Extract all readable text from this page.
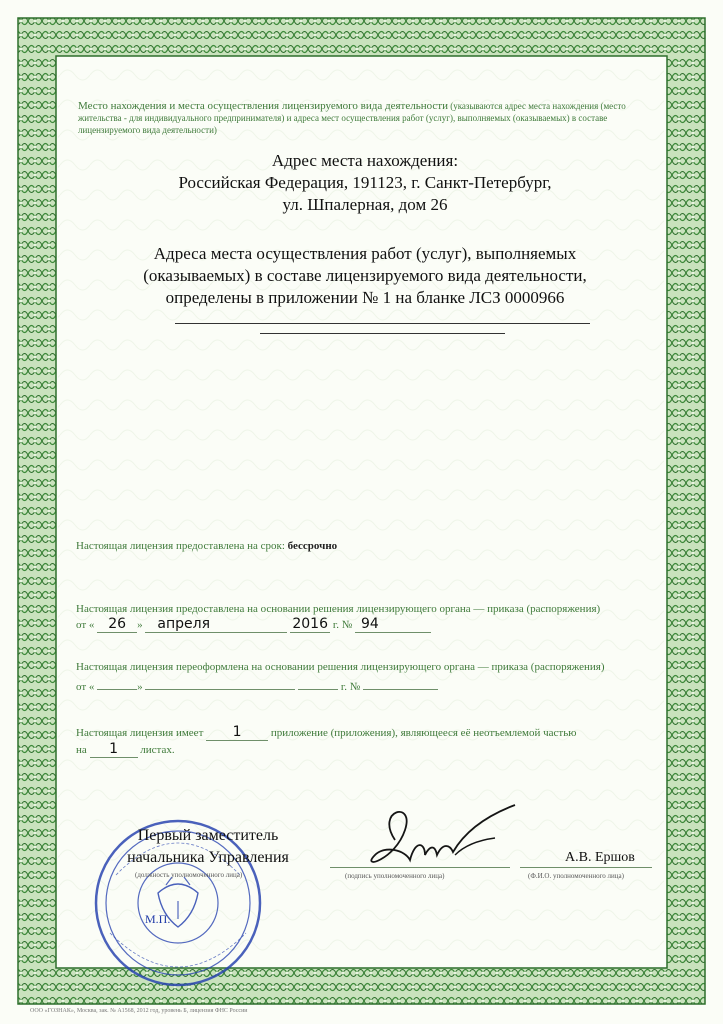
Место нахождения и места осуществления лицензируемого вида деятельности (указываются адрес места нахождения (место жительства - для индивидуального предпринимателя) и адреса мест осуществления работ (услуг), выполняемых (оказываемых) в составе лицензируемого вида деятельности)
Адрес места нахождения:
Российская Федерация, 191123, г. Санкт-Петербург,
ул. Шпалерная, дом 26
Адреса места осуществления работ (услуг), выполняемых
(оказываемых) в составе лицензируемого вида деятельности,
определены в приложении № 1 на бланке ЛСЗ 0000966
Настоящая лицензия предоставлена на срок: бессрочно
Настоящая лицензия предоставлена на основании решения лицензирующего органа — приказа (распоряжения)
от « 26 » апреля	2016 г. № 94
Настоящая лицензия переоформлена на основании решения лицензирующего органа — приказа (распоряжения)
от «	»	г. №
Настоящая лицензия имеет 1	приложение (приложения), являющееся её неотъемлемой частью
на 1 листах.
Первый заместитель
начальника Управления
(должность уполномоченного лица)
М.П.
(подпись уполномоченного лица)
А.В. Ершов
(Ф.И.О. уполномоченного лица)
ООО «ГОЗНАК», Москва, зак. № А1568, 2012 год, уровень Б, лицензия ФНС России
